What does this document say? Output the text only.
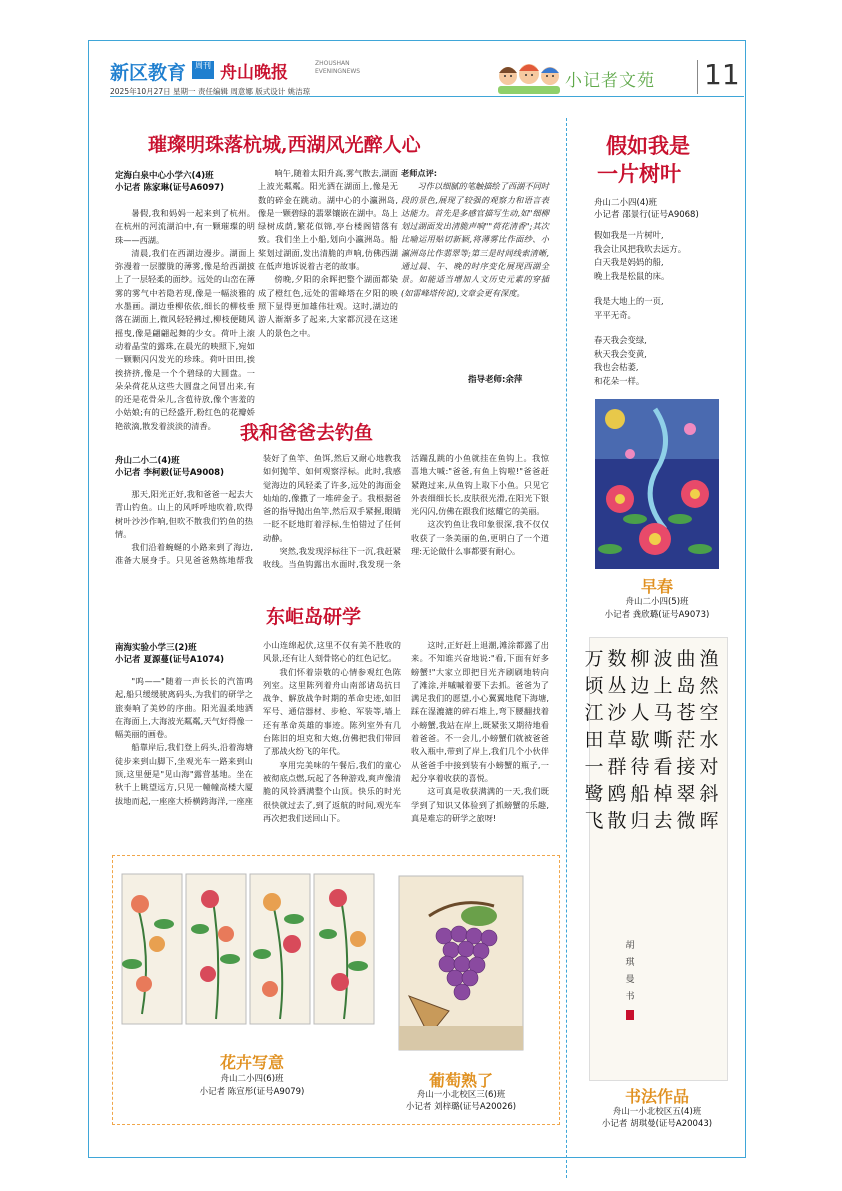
新区教育	周刊 舟山晚报	ZHOUSHAN EVENINGNEWS
2025年10月27日 星期一 责任编辑 周意娜 版式设计 姚洁琼
小记者文苑 11
璀璨明珠落杭城,西湖风光醉人心
定海白泉中心小学六(4)班
小记者 陈家琳(证号A6097)

暑假,我和妈妈一起来到了杭州。在杭州的河流湖泊中,有一颗璀璨的明珠——西湖。

清晨,我们在西湖边漫步。湖面上弥漫着一层朦胧的薄雾,像是给西湖披上了一层轻柔的面纱。远处的山峦在薄雾的雾气中若隐若现,像是一幅淡雅的水墨画。湖边垂柳依依,细长的柳枝垂落在湖面上,微风轻轻拂过,柳枝便随风摇曳,像是翩翩起舞的少女。荷叶上滚动着晶莹的露珠,在晨光的映照下,宛如一颗颗闪闪发光的珍珠。荷叶田田,挨挨挤挤,像是一个个碧绿的大圆盘。一朵朵荷花从这些大圆盘之间冒出来,有的还是花骨朵儿,含苞待放,像个害羞的小姑娘;有的已经盛开,粉红色的花瓣娇艳欲滴,散发着淡淡的清香。

响午,随着太阳升高,雾气散去,湖面上波光粼粼。阳光洒在湖面上,像是无数的碎金在跳动。湖中心的小瀛洲岛,像是一颗碧绿的翡翠镶嵌在湖中。岛上绿树成荫,繁花似锦,亭台楼阁错落有致。我们坐上小船,划向小瀛洲岛。船桨划过湖面,发出清脆的声响,仿佛西湖在低声地诉说着古老的故事。

傍晚,夕阳的余晖把整个湖面都染成了橙红色,远处的雷峰塔在夕阳的映照下显得更加雄伟壮观。这时,湖边的游人渐渐多了起来,大家都沉浸在这迷人的景色之中。

老师点评:

习作以细腻的笔触描绘了西湖不同时段的景色,展现了较强的观察力和语言表达能力。首先是多感官描写生动,如"细柳划过湖面发出清脆声响""荷花清香";其次比喻运用贴切新颖,将薄雾比作面纱、小瀛洲岛比作翡翠等;第三是时间线索清晰,通过晨、午、晚的时序变化展现西湖全景。如能适当增加人文历史元素的穿插(如雷峰塔传说),文章会更有深度。

指导老师:余萍
我和爸爸去钓鱼
舟山二小二(4)班
小记者 李柯毅(证号A9008)

那天,阳光正好,我和爸爸一起去大青山钓鱼。山上的风呼呼地吹着,吹得树叶沙沙作响,但吹不散我们钓鱼的热情。

我们沿着蜿蜒的小路来到了海边,准备大展身手。只见爸爸熟练地帮我装好了鱼竿、鱼饵,然后又耐心地教我如何抛竿、如何观察浮标。此时,我感觉海边的风轻柔了许多,远处的海面金灿灿的,像撒了一堆碎金子。我根据爸爸的指导抛出鱼竿,然后双手紧握,眼睛一眨不眨地盯着浮标,生怕错过了任何动静。

突然,我发现浮标往下一沉,我赶紧收线。当鱼钩露出水面时,我发现一条活蹦乱跳的小鱼就挂在鱼钩上。我惊喜地大喊:"爸爸,有鱼上钩啦!"爸爸赶紧跑过来,从鱼钩上取下小鱼。只见它外表细细长长,皮肤很光滑,在阳光下银光闪闪,仿佛在跟我们炫耀它的美丽。

这次钓鱼让我印象很深,我不仅仅收获了一条美丽的鱼,更明白了一个道理:无论做什么事都要有耐心。

东岠岛研学
南海实验小学三(2)班
小记者 夏源蔓(证号A1074)

"呜——"随着一声长长的汽笛鸣起,船只缓缓驶离码头,为我们的研学之旅奏响了美妙的序曲。阳光温柔地洒在海面上,大海波光粼粼,天气好得像一幅美丽的画卷。

船靠岸后,我们登上码头,沿着海塘徒步来到山脚下,坐观光车一路来到山顶,这里便是"见山海"露营基地。坐在秋千上眺望远方,只见一幢幢高楼大厦拔地而起,一座座大桥横跨海洋,一座座小山连绵起伏,这里不仅有美不胜收的风景,还有让人刻骨铭心的红色记忆。

我们怀着崇敬的心情参观红色陈列室。这里陈列着舟山南部诸岛抗日战争、解放战争时期的革命史迹,如旧军号、通信器材、步枪、军装等,墙上还有革命英雄的事迹。陈列室外有几台陈旧的坦克和大炮,仿佛把我们带回了那战火纷飞的年代。

享用完美味的午餐后,我们的童心被彻底点燃,玩起了各种游戏,爽声像清脆的风铃洒满整个山顶。快乐的时光很快就过去了,到了返航的时间,观光车再次把我们送回山下。

这时,正好赶上退潮,滩涂都露了出来。不知谁兴奋地说:"看,下面有好多螃蟹!"大家立即把目光齐刷刷地转向了滩涂,并嘁嘁着要下去抓。爸爸为了满足我们的愿望,小心翼翼地爬下海塘,踩在湿漉漉的碎石堆上,弯下腰翻找着小螃蟹,我站在岸上,既紧张又期待地看着爸爸。不一会儿,小螃蟹们就被爸爸收入瓶中,带到了岸上,我们几个小伙伴从爸爸手中接到装有小螃蟹的瓶子,一起分享着收获的喜悦。

这可真是收获满满的一天,我们既学到了知识又体验到了抓螃蟹的乐趣,真是难忘的研学之旅呀!

花卉写意
舟山二小四(6)班
小记者 陈宣彤(证号A9079)
葡萄熟了
舟山一小北校区三(6)班
小记者 刘梓璐(证号A20026)
假如我是
一片树叶
舟山二小四(4)班
小记者 邵景行(证号A9068)
假如我是一片树叶,
我会让风把我吹去远方。
白天我是妈妈的船,
晚上我是松鼠的床。
我是大地上的一页,
平平无奇。
春天我会变绿,
秋天我会变黄,
我也会枯萎,
和花朵一样。
早春
舟山二小四(5)班
小记者 龚欣璐(证号A9073)
渔然空水对斜晖
曲岛苍茫接翠微
波上马嘶看棹去
柳边人歇待船归
数丛沙草群鸥散
万顷江田一鹭飞
胡琪曼书
书法作品
舟山一小北校区五(4)班
小记者 胡琪曼(证号A20043)
